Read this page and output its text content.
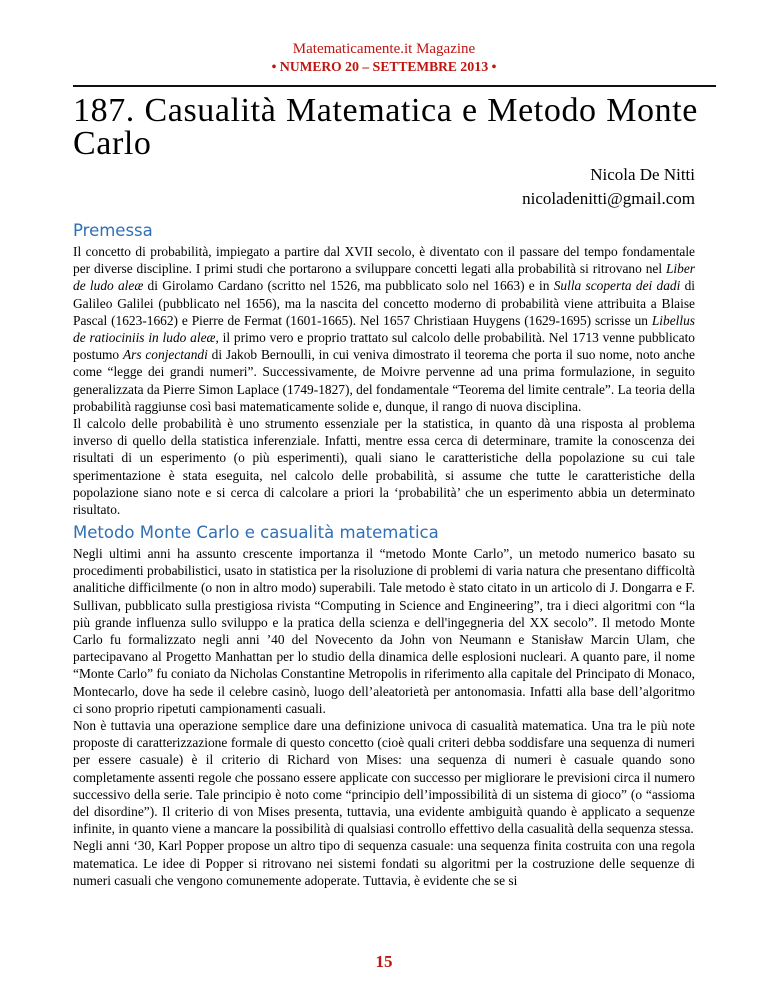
Matematicamente.it Magazine
• NUMERO 20 – SETTEMBRE 2013 •
187. Casualità Matematica e Metodo Monte Carlo
Nicola De Nitti
nicoladenitti@gmail.com
Premessa

Il concetto di probabilità, impiegato a partire dal XVII secolo, è diventato con il passare del tempo fondamentale per diverse discipline. I primi studi che portarono a sviluppare concetti legati alla probabilità si ritrovano nel Liber de ludo aleæ di Girolamo Cardano (scritto nel 1526, ma pubblicato solo nel 1663) e in Sulla scoperta dei dadi di Galileo Galilei (pubblicato nel 1656), ma la nascita del concetto moderno di probabilità viene attribuita a Blaise Pascal (1623-1662) e Pierre de Fermat (1601-1665). Nel 1657 Christiaan Huygens (1629-1695) scrisse un Libellus de ratiociniis in ludo aleæ, il primo vero e proprio trattato sul calcolo delle probabilità. Nel 1713 venne pubblicato postumo Ars conjectandi di Jakob Bernoulli, in cui veniva dimostrato il teorema che porta il suo nome, noto anche come “legge dei grandi numeri”. Successivamente, de Moivre pervenne ad una prima formulazione, in seguito generalizzata da Pierre Simon Laplace (1749-1827), del fondamentale “Teorema del limite centrale”. La teoria della probabilità raggiunse così basi matematicamente solide e, dunque, il rango di nuova disciplina.

Il calcolo delle probabilità è uno strumento essenziale per la statistica, in quanto dà una risposta al problema inverso di quello della statistica inferenziale. Infatti, mentre essa cerca di determinare, tramite la conoscenza dei risultati di un esperimento (o più esperimenti), quali siano le caratteristiche della popolazione su cui tale sperimentazione è stata eseguita, nel calcolo delle probabilità, si assume che tutte le caratteristiche della popolazione siano note e si cerca di calcolare a priori la ‘probabilità’ che un esperimento abbia un determinato risultato.

Metodo Monte Carlo e casualità matematica

Negli ultimi anni ha assunto crescente importanza il “metodo Monte Carlo”, un metodo numerico basato su procedimenti probabilistici, usato in statistica per la risoluzione di problemi di varia natura che presentano difficoltà analitiche difficilmente (o non in altro modo) superabili. Tale metodo è stato citato in un articolo di J. Dongarra e F. Sullivan, pubblicato sulla prestigiosa rivista “Computing in Science and Engineering”, tra i dieci algoritmi con “la più grande influenza sullo sviluppo e la pratica della scienza e dell'ingegneria del XX secolo”. Il metodo Monte Carlo fu formalizzato negli anni ’40 del Novecento da John von Neumann e Stanisław Marcin Ulam, che partecipavano al Progetto Manhattan per lo studio della dinamica delle esplosioni nucleari. A quanto pare, il nome “Monte Carlo” fu coniato da Nicholas Constantine Metropolis in riferimento alla capitale del Principato di Monaco, Montecarlo, dove ha sede il celebre casinò, luogo dell’aleatorietà per antonomasia. Infatti alla base dell’algoritmo ci sono proprio ripetuti campionamenti casuali.

Non è tuttavia una operazione semplice dare una definizione univoca di casualità matematica. Una tra le più note proposte di caratterizzazione formale di questo concetto (cioè quali criteri debba soddisfare una sequenza di numeri per essere casuale) è il criterio di Richard von Mises: una sequenza di numeri è casuale quando sono completamente assenti regole che possano essere applicate con successo per migliorare le previsioni circa il numero successivo della serie. Tale principio è noto come “principio dell’impossibilità di un sistema di gioco” (o “assioma del disordine”). Il criterio di von Mises presenta, tuttavia, una evidente ambiguità quando è applicato a sequenze infinite, in quanto viene a mancare la possibilità di qualsiasi controllo effettivo della casualità della sequenza stessa.

Negli anni ‘30, Karl Popper propose un altro tipo di sequenza casuale: una sequenza finita costruita con una regola matematica. Le idee di Popper si ritrovano nei sistemi fondati su algoritmi per la costruzione delle sequenze di numeri casuali che vengono comunemente adoperate. Tuttavia, è evidente che se si

15
